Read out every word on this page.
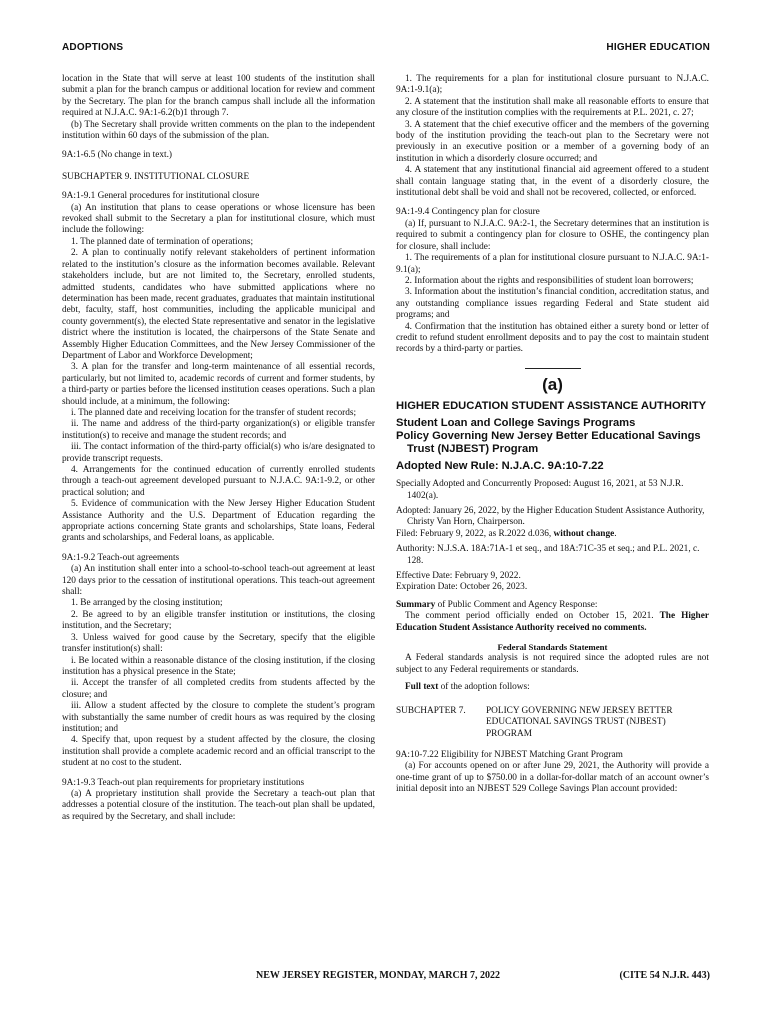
ADOPTIONS	HIGHER EDUCATION

location in the State that will serve at least 100 students of the institution shall submit a plan for the branch campus or additional location for review and comment by the Secretary. The plan for the branch campus shall include all the information required at N.J.A.C. 9A:1-6.2(b)1 through 7.

(b) The Secretary shall provide written comments on the plan to the independent institution within 60 days of the submission of the plan.

9A:1-6.5 (No change in text.)

SUBCHAPTER 9. INSTITUTIONAL CLOSURE

9A:1-9.1 General procedures for institutional closure

(a) An institution that plans to cease operations or whose licensure has been revoked shall submit to the Secretary a plan for institutional closure, which must include the following:

1. The planned date of termination of operations;

2. A plan to continually notify relevant stakeholders of pertinent information related to the institution’s closure as the information becomes available. Relevant stakeholders include, but are not limited to, the Secretary, enrolled students, admitted students, candidates who have submitted applications where no determination has been made, recent graduates, graduates that maintain institutional debt, faculty, staff, host communities, including the applicable municipal and county government(s), the elected State representative and senator in the legislative district where the institution is located, the chairpersons of the State Senate and Assembly Higher Education Committees, and the New Jersey Commissioner of the Department of Labor and Workforce Development;

3. A plan for the transfer and long-term maintenance of all essential records, particularly, but not limited to, academic records of current and former students, by a third-party or parties before the licensed institution ceases operations. Such a plan should include, at a minimum, the following:

i. The planned date and receiving location for the transfer of student records;

ii. The name and address of the third-party organization(s) or eligible transfer institution(s) to receive and manage the student records; and

iii. The contact information of the third-party official(s) who is/are designated to provide transcript requests.

4. Arrangements for the continued education of currently enrolled students through a teach-out agreement developed pursuant to N.J.A.C. 9A:1-9.2, or other practical solution; and

5. Evidence of communication with the New Jersey Higher Education Student Assistance Authority and the U.S. Department of Education regarding the appropriate actions concerning State grants and scholarships, State loans, Federal grants and scholarships, and Federal loans, as applicable.

9A:1-9.2 Teach-out agreements

(a) An institution shall enter into a school-to-school teach-out agreement at least 120 days prior to the cessation of institutional operations. This teach-out agreement shall:

1. Be arranged by the closing institution;

2. Be agreed to by an eligible transfer institution or institutions, the closing institution, and the Secretary;

3. Unless waived for good cause by the Secretary, specify that the eligible transfer institution(s) shall:

i. Be located within a reasonable distance of the closing institution, if the closing institution has a physical presence in the State;

ii. Accept the transfer of all completed credits from students affected by the closure; and

iii. Allow a student affected by the closure to complete the student’s program with substantially the same number of credit hours as was required by the closing institution; and

4. Specify that, upon request by a student affected by the closure, the closing institution shall provide a complete academic record and an official transcript to the student at no cost to the student.

9A:1-9.3 Teach-out plan requirements for proprietary institutions

(a) A proprietary institution shall provide the Secretary a teach-out plan that addresses a potential closure of the institution. The teach-out plan shall be updated, as required by the Secretary, and shall include:

1. The requirements for a plan for institutional closure pursuant to N.J.A.C. 9A:1-9.1(a);

2. A statement that the institution shall make all reasonable efforts to ensure that any closure of the institution complies with the requirements at P.L. 2021, c. 27;

3. A statement that the chief executive officer and the members of the governing body of the institution providing the teach-out plan to the Secretary were not previously in an executive position or a member of a governing body of an institution in which a disorderly closure occurred; and

4. A statement that any institutional financial aid agreement offered to a student shall contain language stating that, in the event of a disorderly closure, the institutional debt shall be void and shall not be recovered, collected, or enforced.

9A:1-9.4 Contingency plan for closure

(a) If, pursuant to N.J.A.C. 9A:2-1, the Secretary determines that an institution is required to submit a contingency plan for closure to OSHE, the contingency plan for closure, shall include:

1. The requirements of a plan for institutional closure pursuant to N.J.A.C. 9A:1-9.1(a);

2. Information about the rights and responsibilities of student loan borrowers;

3. Information about the institution’s financial condition, accreditation status, and any outstanding compliance issues regarding Federal and State student aid programs; and

4. Confirmation that the institution has obtained either a surety bond or letter of credit to refund student enrollment deposits and to pay the cost to maintain student records by a third-party or parties.

(a)

HIGHER EDUCATION STUDENT ASSISTANCE AUTHORITY

Student Loan and College Savings Programs

Policy Governing New Jersey Better Educational Savings Trust (NJBEST) Program

Adopted New Rule: N.J.A.C. 9A:10-7.22

Specially Adopted and Concurrently Proposed: August 16, 2021, at 53 N.J.R. 1402(a).

Adopted: January 26, 2022, by the Higher Education Student Assistance Authority, Christy Van Horn, Chairperson.

Filed: February 9, 2022, as R.2022 d.036, without change.

Authority: N.J.S.A. 18A:71A-1 et seq., and 18A:71C-35 et seq.; and P.L. 2021, c. 128.

Effective Date: February 9, 2022.

Expiration Date: October 26, 2023.

Summary of Public Comment and Agency Response:

The comment period officially ended on October 15, 2021. The Higher Education Student Assistance Authority received no comments.

Federal Standards Statement

A Federal standards analysis is not required since the adopted rules are not subject to any Federal requirements or standards.

Full text of the adoption follows:

SUBCHAPTER 7.	POLICY GOVERNING NEW JERSEY BETTER EDUCATIONAL SAVINGS TRUST (NJBEST) PROGRAM

9A:10-7.22 Eligibility for NJBEST Matching Grant Program

(a) For accounts opened on or after June 29, 2021, the Authority will provide a one-time grant of up to $750.00 in a dollar-for-dollar match of an account owner’s initial deposit into an NJBEST 529 College Savings Plan account provided:

NEW JERSEY REGISTER, MONDAY, MARCH 7, 2022	(CITE 54 N.J.R. 443)
